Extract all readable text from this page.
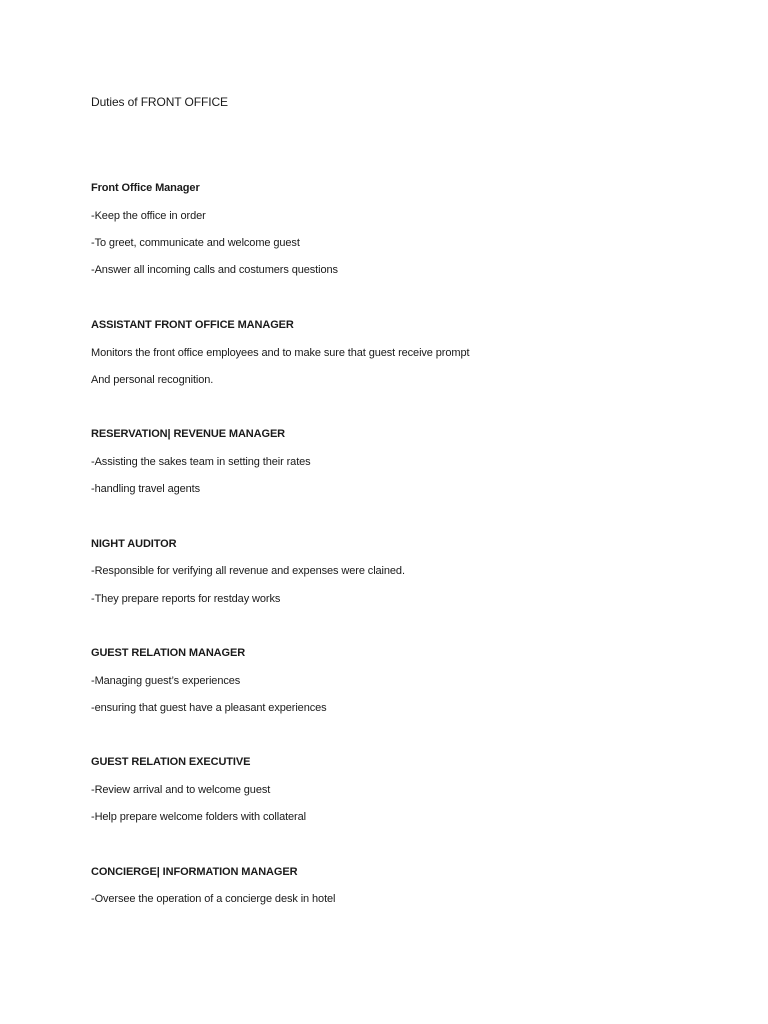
Duties of FRONT OFFICE
Front Office Manager
-Keep the office in order
-To greet, communicate and welcome guest
-Answer all incoming calls and costumers questions
ASSISTANT FRONT OFFICE MANAGER
Monitors the front office employees and to make sure that guest receive prompt
And personal recognition.
RESERVATION| REVENUE MANAGER
-Assisting the sakes team in setting their rates
-handling travel agents
NIGHT AUDITOR
-Responsible for verifying all revenue and expenses were clained.
-They prepare reports for restday works
GUEST RELATION MANAGER
-Managing guest’s experiences
-ensuring that guest have a pleasant experiences
GUEST RELATION EXECUTIVE
-Review arrival and to welcome guest
-Help prepare welcome folders with collateral
CONCIERGE| INFORMATION MANAGER
-Oversee the operation of a concierge desk in hotel
